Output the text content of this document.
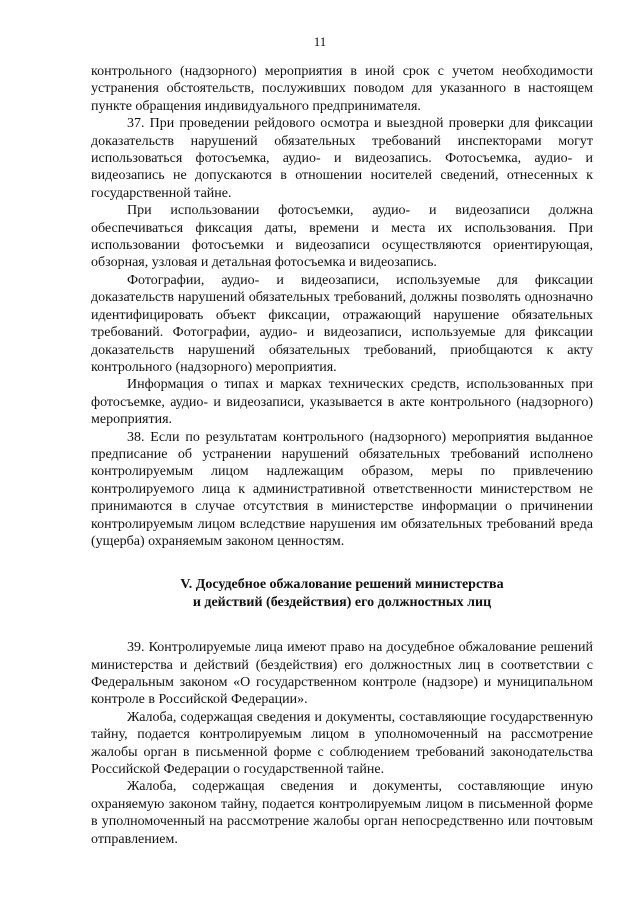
11

контрольного (надзорного) мероприятия в иной срок с учетом необходимости устранения обстоятельств, послуживших поводом для указанного в настоящем пункте обращения индивидуального предпринимателя.

37. При проведении рейдового осмотра и выездной проверки для фиксации доказательств нарушений обязательных требований инспекторами могут использоваться фотосъемка, аудио- и видеозапись. Фотосъемка, аудио- и видеозапись не допускаются в отношении носителей сведений, отнесенных к государственной тайне.

При использовании фотосъемки, аудио- и видеозаписи должна обеспечиваться фиксация даты, времени и места их использования. При использовании фотосъемки и видеозаписи осуществляются ориентирующая, обзорная, узловая и детальная фотосъемка и видеозапись.

Фотографии, аудио- и видеозаписи, используемые для фиксации доказательств нарушений обязательных требований, должны позволять однозначно идентифицировать объект фиксации, отражающий нарушение обязательных требований. Фотографии, аудио- и видеозаписи, используемые для фиксации доказательств нарушений обязательных требований, приобщаются к акту контрольного (надзорного) мероприятия.

Информация о типах и марках технических средств, использованных при фотосъемке, аудио- и видеозаписи, указывается в акте контрольного (надзорного) мероприятия.

38. Если по результатам контрольного (надзорного) мероприятия выданное предписание об устранении нарушений обязательных требований исполнено контролируемым лицом надлежащим образом, меры по привлечению контролируемого лица к административной ответственности министерством не принимаются в случае отсутствия в министерстве информации о причинении контролируемым лицом вследствие нарушения им обязательных требований вреда (ущерба) охраняемым законом ценностям.

V. Досудебное обжалование решений министерства
и действий (бездействия) его должностных лиц

39. Контролируемые лица имеют право на досудебное обжалование решений министерства и действий (бездействия) его должностных лиц в соответствии с Федеральным законом «О государственном контроле (надзоре) и муниципальном контроле в Российской Федерации».

Жалоба, содержащая сведения и документы, составляющие государственную тайну, подается контролируемым лицом в уполномоченный на рассмотрение жалобы орган в письменной форме с соблюдением требований законодательства Российской Федерации о государственной тайне.

Жалоба, содержащая сведения и документы, составляющие иную охраняемую законом тайну, подается контролируемым лицом в письменной форме в уполномоченный на рассмотрение жалобы орган непосредственно или почтовым отправлением.
